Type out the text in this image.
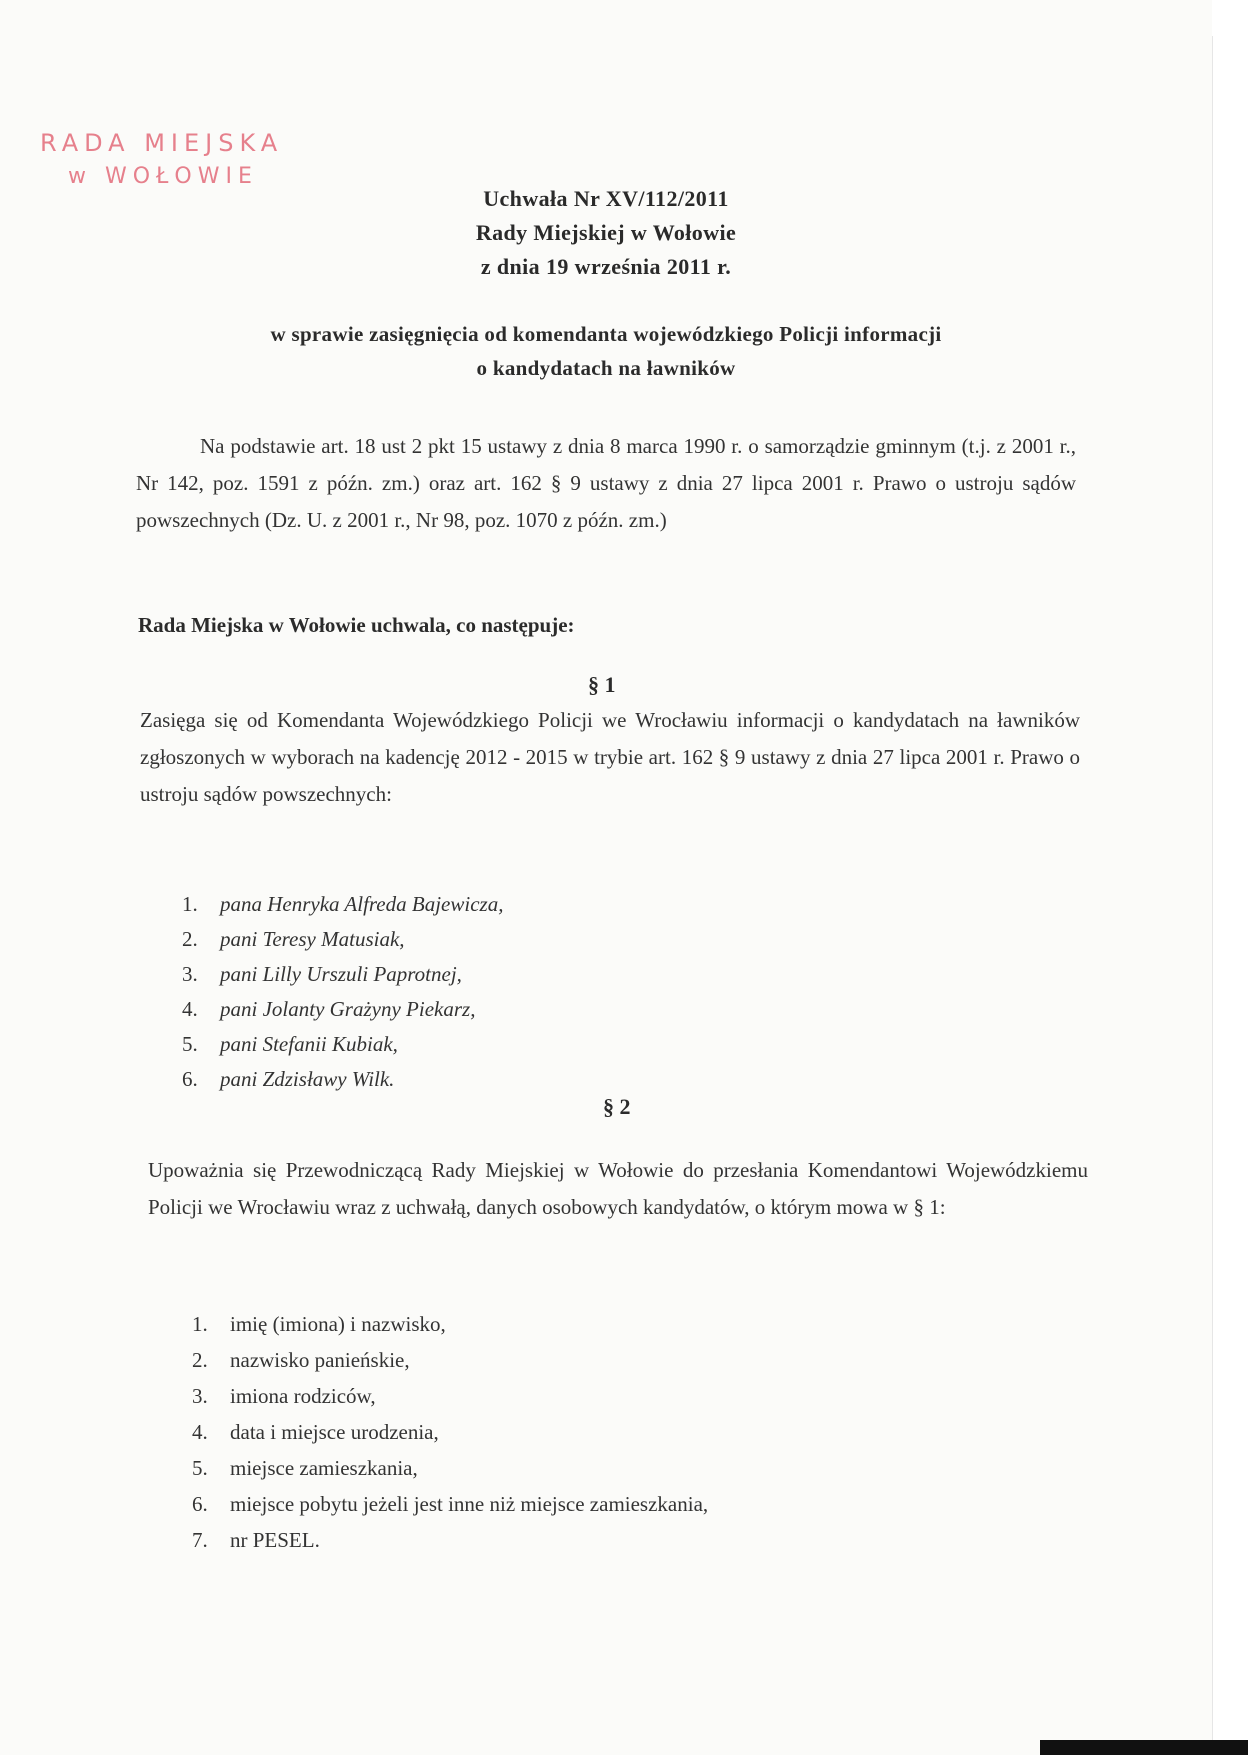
RADA MIEJSKA
w WOŁOWIE
Uchwała Nr XV/112/2011
Rady Miejskiej w Wołowie
z dnia 19 września 2011 r.
w sprawie zasięgnięcia od komendanta wojewódzkiego Policji informacji
o kandydatach na ławników
Na podstawie art. 18 ust 2 pkt 15 ustawy z dnia 8 marca 1990 r. o samorządzie gminnym (t.j. z 2001 r., Nr 142, poz. 1591 z późn. zm.) oraz art. 162 § 9 ustawy z dnia 27 lipca 2001 r. Prawo o ustroju sądów powszechnych (Dz. U. z 2001 r., Nr 98, poz. 1070 z późn. zm.)
Rada Miejska w Wołowie uchwala, co następuje:
§ 1
Zasięga się od Komendanta Wojewódzkiego Policji we Wrocławiu informacji o kandydatach na ławników zgłoszonych w wyborach na kadencję 2012 - 2015 w trybie art. 162 § 9 ustawy z dnia 27 lipca 2001 r. Prawo o ustroju sądów powszechnych:
1.	pana Henryka Alfreda Bajewicza,
2.	pani Teresy Matusiak,
3.	pani Lilly Urszuli Paprotnej,
4.	pani Jolanty Grażyny Piekarz,
5.	pani Stefanii Kubiak,
6.	pani Zdzisławy Wilk.
§ 2
Upoważnia się Przewodniczącą Rady Miejskiej w Wołowie do przesłania Komendantowi Wojewódzkiemu Policji we Wrocławiu wraz z uchwałą, danych osobowych kandydatów, o którym mowa w § 1:
1.	imię (imiona) i nazwisko,
2.	nazwisko panieńskie,
3.	imiona rodziców,
4.	data i miejsce urodzenia,
5.	miejsce zamieszkania,
6.	miejsce pobytu jeżeli jest inne niż miejsce zamieszkania,
7.	nr PESEL.
